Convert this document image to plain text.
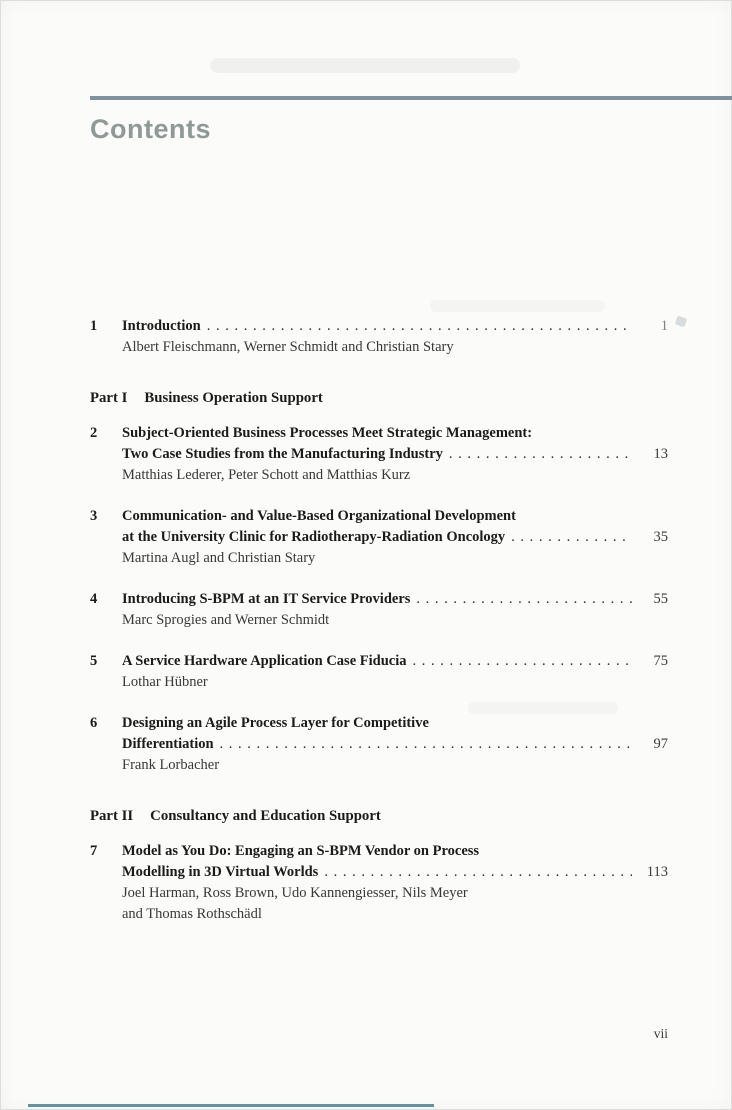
Contents
1	Introduction . . .	1
Albert Fleischmann, Werner Schmidt and Christian Stary
Part I Business Operation Support
2	Subject-Oriented Business Processes Meet Strategic Management:
Two Case Studies from the Manufacturing Industry . . .	13
Matthias Lederer, Peter Schott and Matthias Kurz
3	Communication- and Value-Based Organizational Development
at the University Clinic for Radiotherapy-Radiation Oncology . . .	35
Martina Augl and Christian Stary
4	Introducing S-BPM at an IT Service Providers . . .	55
Marc Sprogies and Werner Schmidt
5	A Service Hardware Application Case Fiducia . . .	75
Lothar Hübner
6	Designing an Agile Process Layer for Competitive
Differentiation . . .	97
Frank Lorbacher
Part II Consultancy and Education Support
7	Model as You Do: Engaging an S-BPM Vendor on Process
Modelling in 3D Virtual Worlds . . .	113
Joel Harman, Ross Brown, Udo Kannengiesser, Nils Meyer
and Thomas Rothschädl
vii
